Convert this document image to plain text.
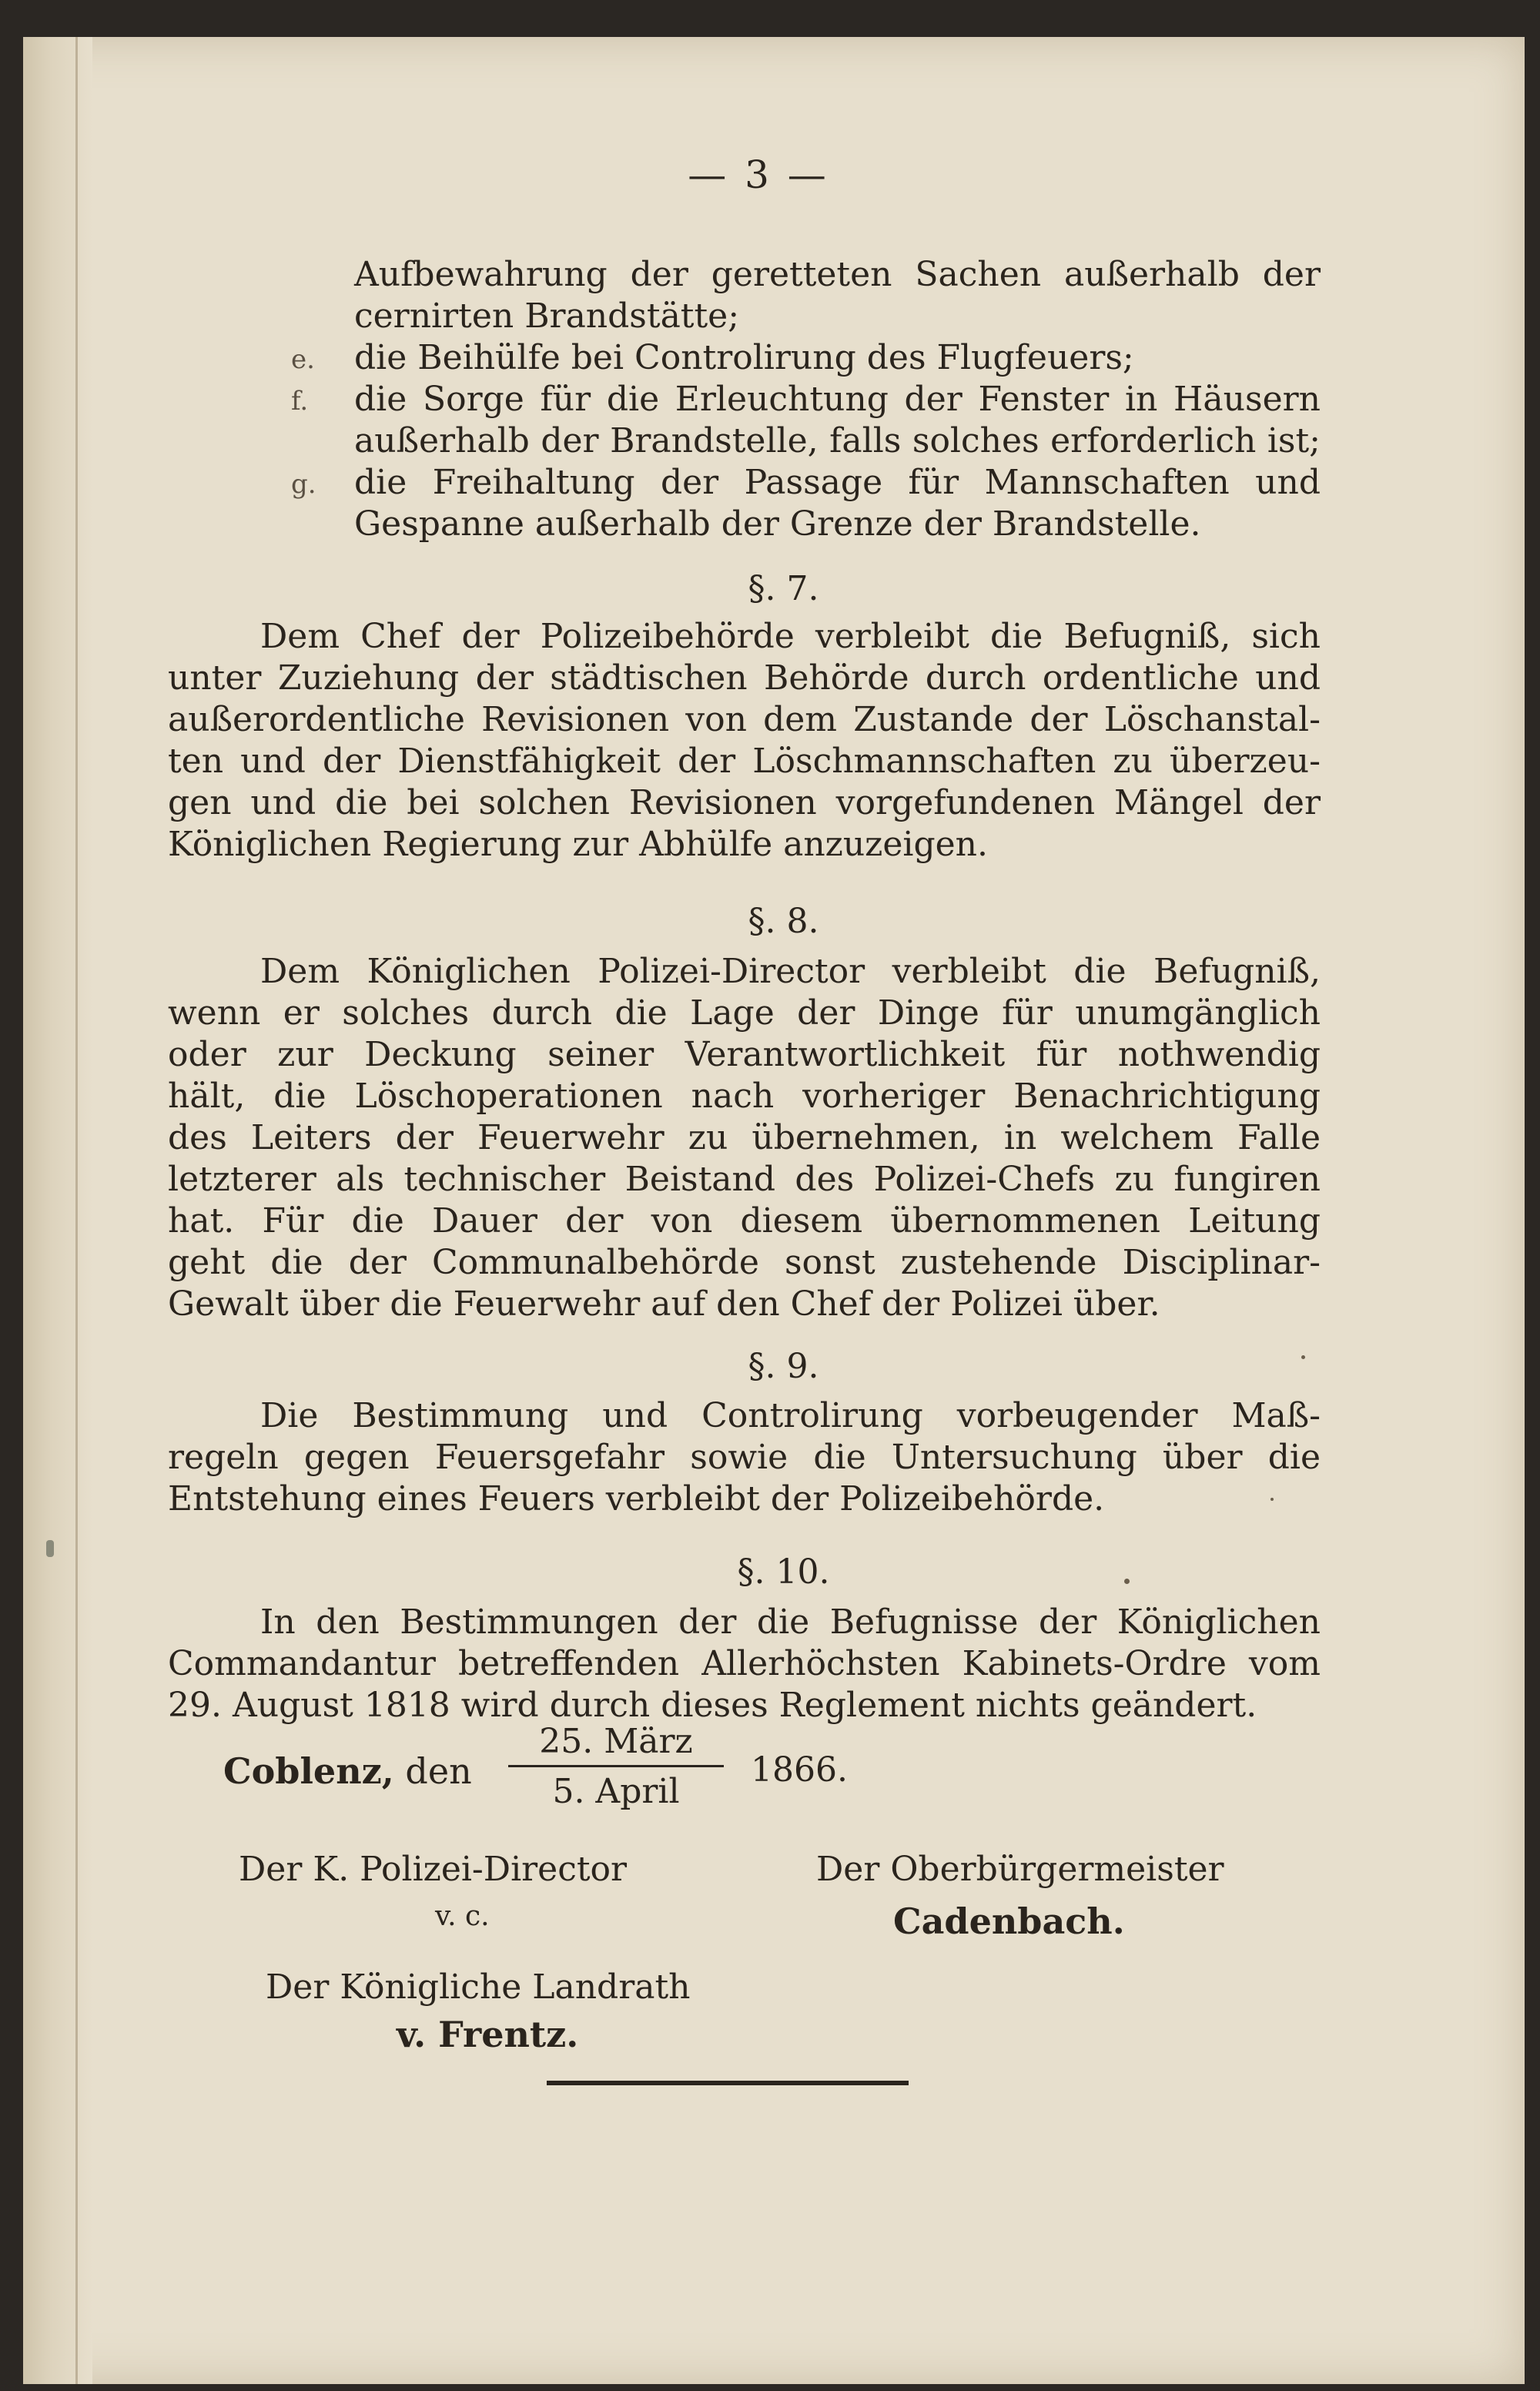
— 3 —
Aufbewahrung der geretteten Sachen außerhalb der
cernirten Brandstätte;
e.	die Beihülfe bei Controlirung des Flugfeuers;
f.	die Sorge für die Erleuchtung der Fenster in Häusern
außerhalb der Brandstelle, falls solches erforderlich ist;
g.	die Freihaltung der Passage für Mannschaften und
Gespanne außerhalb der Grenze der Brandstelle.
§. 7.
Dem Chef der Polizeibehörde verbleibt die Befugniß, sich
unter Zuziehung der städtischen Behörde durch ordentliche und
außerordentliche Revisionen von dem Zustande der Löschanstal-
ten und der Dienstfähigkeit der Löschmannschaften zu überzeu-
gen und die bei solchen Revisionen vorgefundenen Mängel der
Königlichen Regierung zur Abhülfe anzuzeigen.
§. 8.
Dem Königlichen Polizei-Director verbleibt die Befugniß,
wenn er solches durch die Lage der Dinge für unumgänglich
oder zur Deckung seiner Verantwortlichkeit für nothwendig
hält, die Löschoperationen nach vorheriger Benachrichtigung
des Leiters der Feuerwehr zu übernehmen, in welchem Falle
letzterer als technischer Beistand des Polizei-Chefs zu fungiren
hat. Für die Dauer der von diesem übernommenen Leitung
geht die der Communalbehörde sonst zustehende Disciplinar-
Gewalt über die Feuerwehr auf den Chef der Polizei über.
§. 9.
Die Bestimmung und Controlirung vorbeugender Maß-
regeln gegen Feuersgefahr sowie die Untersuchung über die
Entstehung eines Feuers verbleibt der Polizeibehörde.
§. 10.
In den Bestimmungen der die Befugnisse der Königlichen
Commandantur betreffenden Allerhöchsten Kabinets-Ordre vom
29. August 1818 wird durch dieses Reglement nichts geändert.
Coblenz, den
25. März
5. April
1866.
Der K. Polizei-Director
v. c.
Der Oberbürgermeister
Cadenbach.
Der Königliche Landrath
v. Frentz.
